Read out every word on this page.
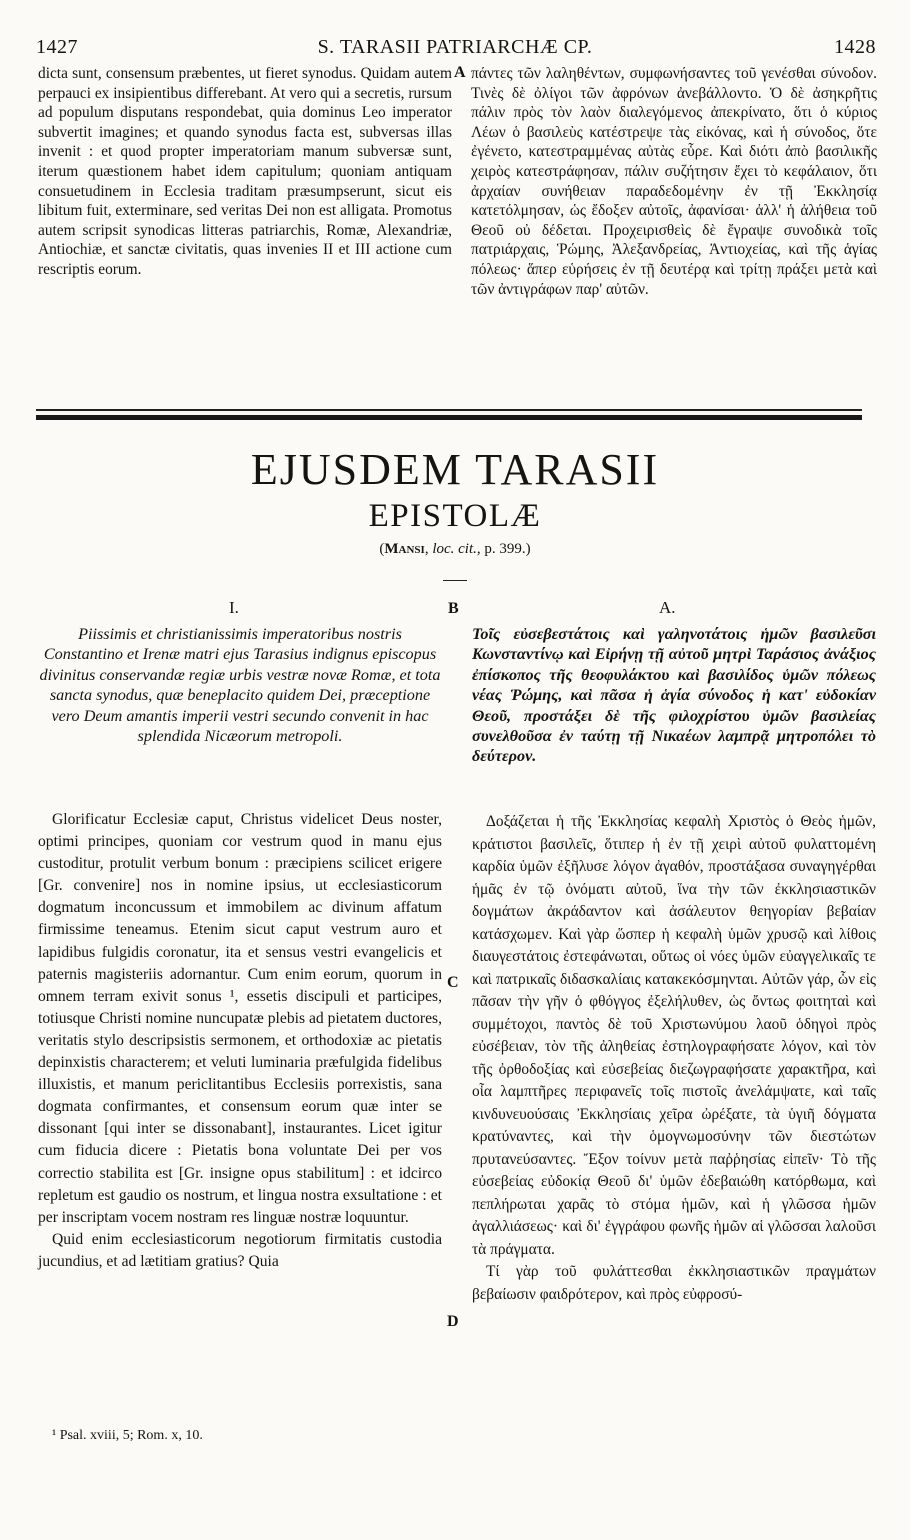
1427	S. TARASII PATRIARCHÆ CP.	1428

dicta sunt, consensum præbentes, ut fieret synodus. Quidam autem perpauci ex insipientibus differebant. At vero qui a secretis, rursum ad populum disputans respondebat, quia dominus Leo imperator subvertit imagines; et quando synodus facta est, subversas illas invenit : et quod propter imperatoriam manum subversæ sunt, iterum quæstionem habet idem capitulum; quoniam antiquam consuetudinem in Ecclesia traditam præsumpserunt, sicut eis libitum fuit, exterminare, sed veritas Dei non est alligata. Promotus autem scripsit synodicas litteras patriarchis, Romæ, Alexandriæ, Antiochiæ, et sanctæ civitatis, quas invenies II et III actione cum rescriptis eorum.

πάντες τῶν λαληθέντων, συμφωνήσαντες τοῦ γενέσθαι σύνοδον. Τινὲς δὲ ὀλίγοι τῶν ἀφρόνων ἀνεβάλλοντο. Ὁ δὲ ἀσηκρῆτις πάλιν πρὸς τὸν λαὸν διαλεγόμενος ἀπεκρίνατο, ὅτι ὁ κύριος Λέων ὁ βασιλεὺς κατέστρεψε τὰς εἰκόνας, καὶ ἡ σύνοδος, ὅτε ἐγένετο, κατεστραμμένας αὐτὰς εὗρε. Καὶ διότι ἀπὸ βασιλικῆς χειρὸς κατεστράφησαν, πάλιν συζήτησιν ἔχει τὸ κεφάλαιον, ὅτι ἀρχαίαν συνήθειαν παραδεδομένην ἐν τῇ Ἐκκλησίᾳ κατετόλμησαν, ὡς ἔδοξεν αὐτοῖς, ἀφανίσαι· ἀλλ' ἡ ἀλήθεια τοῦ Θεοῦ οὐ δέδεται. Προχειρισθεὶς δὲ ἔγραψε συνοδικὰ τοῖς πατριάρχαις, Ῥώμης, Ἀλεξανδρείας, Ἀντιοχείας, καὶ τῆς ἁγίας πόλεως· ἅπερ εὑρήσεις ἐν τῇ δευτέρᾳ καὶ τρίτῃ πράξει μετὰ καὶ τῶν ἀντιγράφων παρ' αὐτῶν.

A
B
C
D
EJUSDEM TARASII
EPISTOLÆ
(Mansi, loc. cit., p. 399.)
I.	Α.
Piissimis et christianissimis imperatoribus nostris Constantino et Irenæ matri ejus Tarasius indignus episcopus divinitus conservandæ regiæ urbis vestræ novæ Romæ, et tota sancta synodus, quæ beneplacito quidem Dei, præceptione vero Deum amantis imperii vestri secundo convenit in hac splendida Nicæorum metropoli.
Τοῖς εὐσεβεστάτοις καὶ γαληνοτάτοις ἡμῶν βασιλεῦσι Κωνσταντίνῳ καὶ Εἰρήνῃ τῇ αὐτοῦ μητρὶ Ταράσιος ἀνάξιος ἐπίσκοπος τῆς θεοφυλάκτου καὶ βασιλίδος ὑμῶν πόλεως νέας Ῥώμης, καὶ πᾶσα ἡ ἁγία σύνοδος ἡ κατ' εὐδοκίαν Θεοῦ, προστάξει δὲ τῆς φιλοχρίστου ὑμῶν βασιλείας συνελθοῦσα ἐν ταύτῃ τῇ Νικαέων λαμπρᾷ μητροπόλει τὸ δεύτερον.

Glorificatur Ecclesiæ caput, Christus videlicet Deus noster, optimi principes, quoniam cor vestrum quod in manu ejus custoditur, protulit verbum bonum : præcipiens scilicet erigere [Gr. convenire] nos in nomine ipsius, ut ecclesiasticorum dogmatum inconcussum et immobilem ac divinum affatum firmissime teneamus. Etenim sicut caput vestrum auro et lapidibus fulgidis coronatur, ita et sensus vestri evangelicis et paternis magisteriis adornantur. Cum enim eorum, quorum in omnem terram exivit sonus ¹, essetis discipuli et participes, totiusque Christi nomine nuncupatæ plebis ad pietatem ductores, veritatis stylo descripsistis sermonem, et orthodoxiæ ac pietatis depinxistis characterem; et veluti luminaria præfulgida fidelibus illuxistis, et manum periclitantibus Ecclesiis porrexistis, sana dogmata confirmantes, et consensum eorum quæ inter se dissonant [qui inter se dissonabant], instaurantes. Licet igitur cum fiducia dicere : Pietatis bona voluntate Dei per vos correctio stabilita est [Gr. insigne opus stabilitum] : et idcirco repletum est gaudio os nostrum, et lingua nostra exsultatione : et per inscriptam vocem nostram res linguæ nostræ loquuntur.

Quid enim ecclesiasticorum negotiorum firmitatis custodia jucundius, et ad lætitiam gratius? Quia

Δοξάζεται ἡ τῆς Ἐκκλησίας κεφαλὴ Χριστὸς ὁ Θεὸς ἡμῶν, κράτιστοι βασιλεῖς, ὅτιπερ ἡ ἐν τῇ χειρὶ αὐτοῦ φυλαττομένη καρδία ὑμῶν ἐξῆλυσε λόγον ἀγαθόν, προστάξασα συναγηγέρθαι ἡμᾶς ἐν τῷ ὀνόματι αὐτοῦ, ἵνα τὴν τῶν ἐκκλησιαστικῶν δογμάτων ἀκράδαντον καὶ ἀσάλευτον θεηγορίαν βεβαίαν κατάσχωμεν. Καὶ γὰρ ὥσπερ ἡ κεφαλὴ ὑμῶν χρυσῷ καὶ λίθοις διαυγεστάτοις ἐστεφάνωται, οὕτως οἱ νόες ὑμῶν εὐαγγελικαῖς τε καὶ πατρικαῖς διδασκαλίαις κατακεκόσμηνται. Αὐτῶν γάρ, ὧν εἰς πᾶσαν τὴν γῆν ὁ φθόγγος ἐξελήλυθεν, ὡς ὄντως φοιτηταὶ καὶ συμμέτοχοι, παντὸς δὲ τοῦ Χριστωνύμου λαοῦ ὁδηγοὶ πρὸς εὐσέβειαν, τὸν τῆς ἀληθείας ἐστηλογραφήσατε λόγον, καὶ τὸν τῆς ὀρθοδοξίας καὶ εὐσεβείας διεζωγραφήσατε χαρακτῆρα, καὶ οἷα λαμπτῆρες περιφανεῖς τοῖς πιστοῖς ἀνελάμψατε, καὶ ταῖς κινδυνευούσαις Ἐκκλησίαις χεῖρα ὠρέξατε, τὰ ὑγιῆ δόγματα κρατύναντες, καὶ τὴν ὁμογνωμοσύνην τῶν διεστώτων πρυτανεύσαντες. Ἔξον τοίνυν μετὰ παῤῥησίας εἰπεῖν· Τὸ τῆς εὐσεβείας εὐδοκίᾳ Θεοῦ δι' ὑμῶν ἐδεβαιώθη κατόρθωμα, καὶ πεπλήρωται χαρᾶς τὸ στόμα ἡμῶν, καὶ ἡ γλῶσσα ἡμῶν ἀγαλλιάσεως· καὶ δι' ἐγγράφου φωνῆς ἡμῶν αἱ γλῶσσαι λαλοῦσι τὰ πράγματα.

Τί γὰρ τοῦ φυλάττεσθαι ἐκκλησιαστικῶν πραγμάτων βεβαίωσιν φαιδρότερον, καὶ πρὸς εὐφροσύ-

¹ Psal. xviii, 5; Rom. x, 10.
